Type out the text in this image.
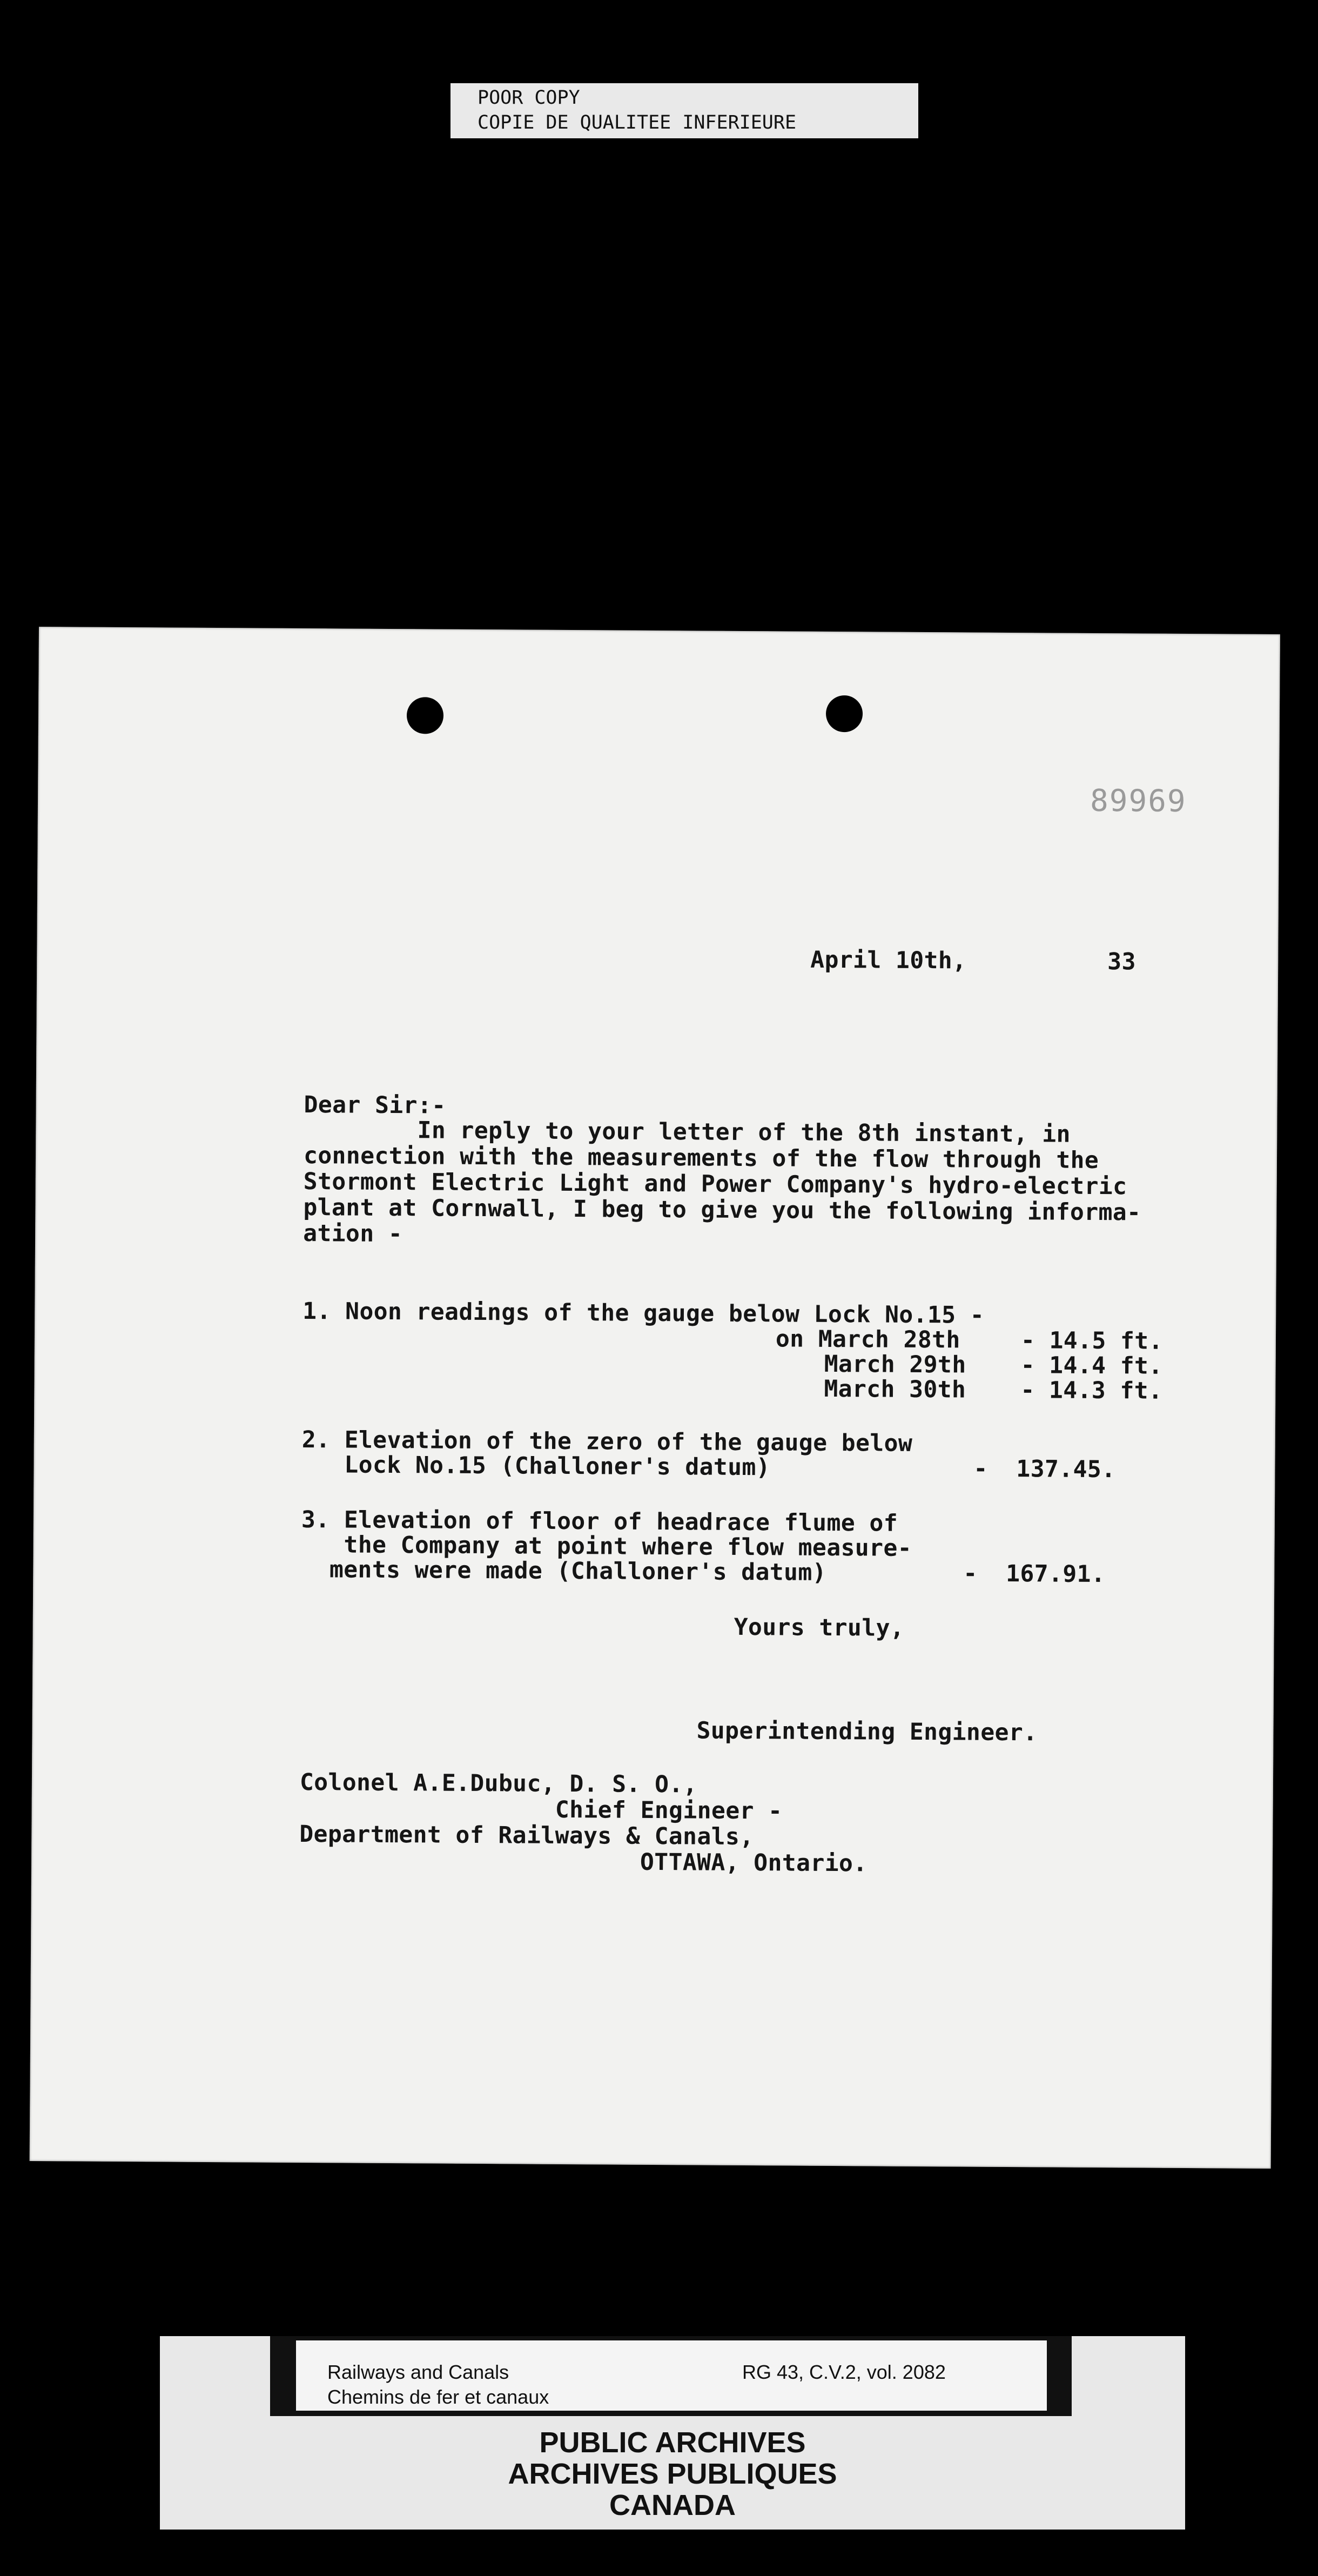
POOR COPY
COPIE DE QUALITEE INFERIEURE
89969
April 10th,	33
Dear Sir:-
In reply to your letter of the 8th instant, in
connection with the measurements of the flow through the
Stormont Electric Light and Power Company's hydro-electric
plant at Cornwall, I beg to give you the following informa-
ation -
1. Noon readings of the gauge below Lock No.15 -
on March 28th	- 14.5 ft.
March 29th - 14.4 ft.
March 30th - 14.3 ft.
2. Elevation of the zero of the gauge below
Lock No.15 (Challoner's datum)	-  137.45.
3. Elevation of floor of headrace flume of
the Company at point where flow measure-
ments were made (Challoner's datum)	-  167.91.
Yours truly,
Superintending Engineer.
Colonel A.E.Dubuc, D. S. O.,
Chief Engineer -
Department of Railways & Canals,
OTTAWA, Ontario.
Railways and Canals
Chemins de fer et canaux
RG 43, C.V.2, vol. 2082
PUBLIC ARCHIVES
ARCHIVES PUBLIQUES
CANADA
